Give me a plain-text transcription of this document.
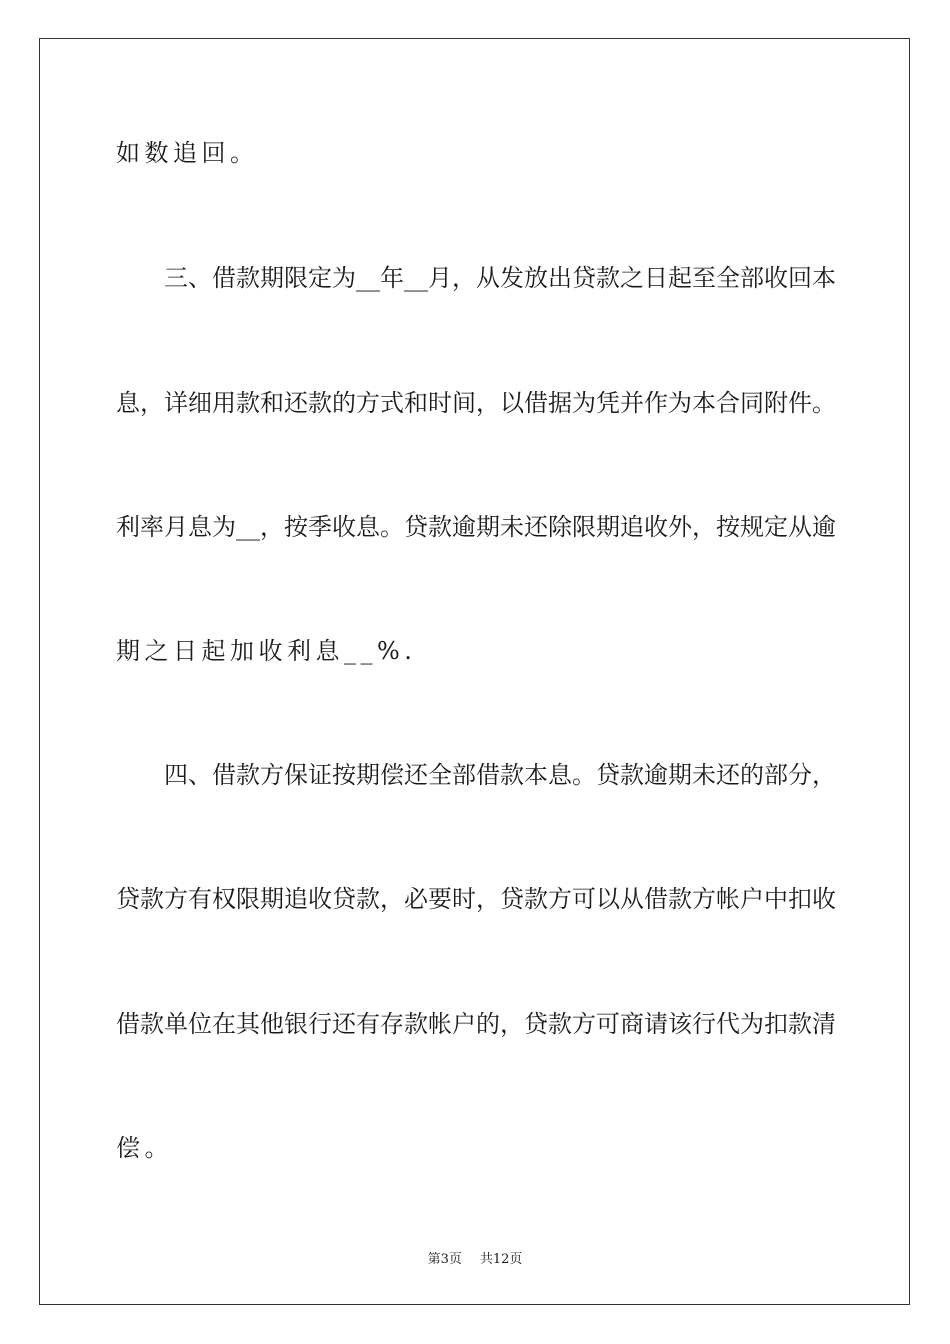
如数追回。
三、借款期限定为__年__月，从发放出贷款之日起至全部收回本
息，详细用款和还款的方式和时间，以借据为凭并作为本合同附件。
利率月息为__，按季收息。贷款逾期未还除限期追收外，按规定从逾
期之日起加收利息__%.
四、借款方保证按期偿还全部借款本息。贷款逾期未还的部分，
贷款方有权限期追收贷款，必要时，贷款方可以从借款方帐户中扣收
借款单位在其他银行还有存款帐户的，贷款方可商请该行代为扣款清
偿。
第3页 共12页
